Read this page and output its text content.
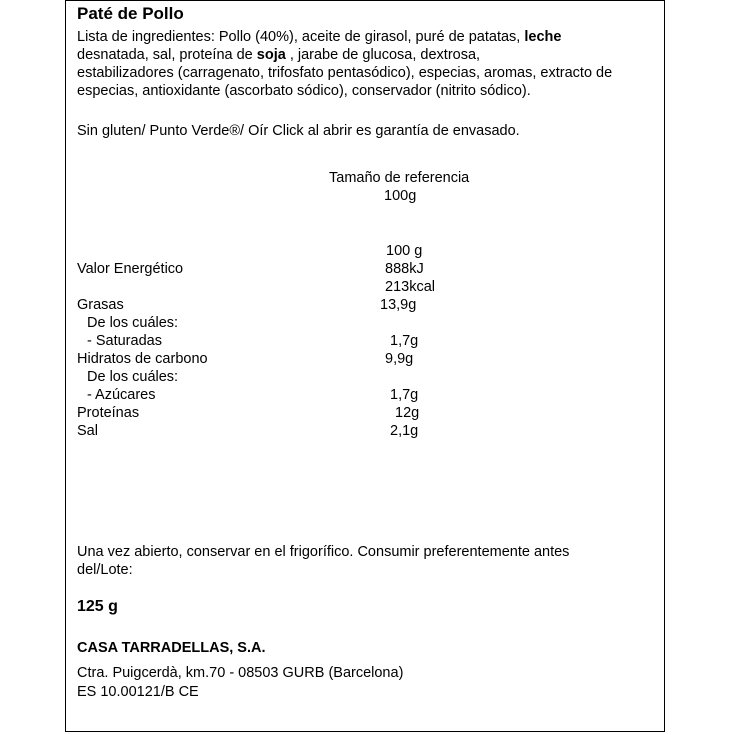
Paté de Pollo
Lista de ingredientes: Pollo (40%), aceite de girasol, puré de patatas, leche
desnatada, sal, proteína de soja , jarabe de glucosa, dextrosa,
estabilizadores (carragenato, trifosfato pentasódico), especias, aromas, extracto de
especias, antioxidante (ascorbato sódico), conservador (nitrito sódico).
Sin gluten/ Punto Verde®/ Oír Click al abrir es garantía de envasado.
Tamaño de referencia
100g
100 g
Valor Energético	888kJ
213kcal
Grasas	13,9g
De los cuáles:
- Saturadas	1,7g
Hidratos de carbono	9,9g
De los cuáles:
- Azúcares	1,7g
Proteínas	12g
Sal	2,1g
Una vez abierto, conservar en el frigorífico. Consumir preferentemente antes
del/Lote:
125 g
CASA TARRADELLAS, S.A.
Ctra. Puigcerdà, km.70 - 08503 GURB (Barcelona)
ES 10.00121/B CE
